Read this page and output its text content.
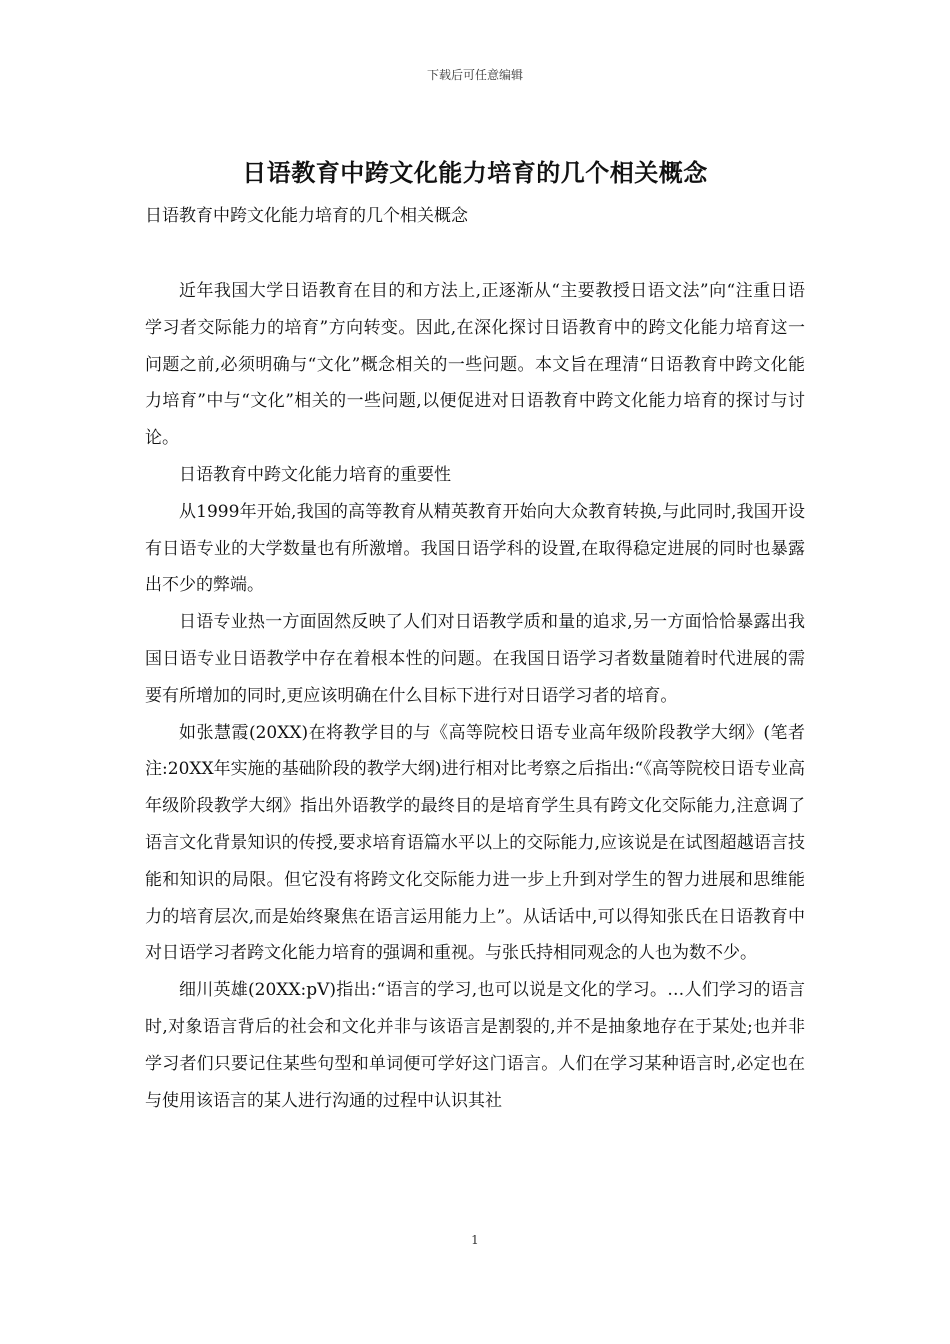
下载后可任意编辑
日语教育中跨文化能力培育的几个相关概念
日语教育中跨文化能力培育的几个相关概念

近年我国大学日语教育在目的和方法上,正逐渐从“主要教授日语文法”向“注重日语学习者交际能力的培育”方向转变。因此,在深化探讨日语教育中的跨文化能力培育这一问题之前,必须明确与“文化”概念相关的一些问题。本文旨在理清“日语教育中跨文化能力培育”中与“文化”相关的一些问题,以便促进对日语教育中跨文化能力培育的探讨与讨论。

日语教育中跨文化能力培育的重要性

从1999年开始,我国的高等教育从精英教育开始向大众教育转换,与此同时,我国开设有日语专业的大学数量也有所激增。我国日语学科的设置,在取得稳定进展的同时也暴露出不少的弊端。

日语专业热一方面固然反映了人们对日语教学质和量的追求,另一方面恰恰暴露出我国日语专业日语教学中存在着根本性的问题。在我国日语学习者数量随着时代进展的需要有所增加的同时,更应该明确在什么目标下进行对日语学习者的培育。

如张慧霞(20XX)在将教学目的与《高等院校日语专业高年级阶段教学大纲》(笔者注:20XX年实施的基础阶段的教学大纲)进行相对比考察之后指出:“《高等院校日语专业高年级阶段教学大纲》指出外语教学的最终目的是培育学生具有跨文化交际能力,注意调了语言文化背景知识的传授,要求培育语篇水平以上的交际能力,应该说是在试图超越语言技能和知识的局限。但它没有将跨文化交际能力进一步上升到对学生的智力进展和思维能力的培育层次,而是始终聚焦在语言运用能力上”。从话话中,可以得知张氏在日语教育中对日语学习者跨文化能力培育的强调和重视。与张氏持相同观念的人也为数不少。

细川英雄(20XX:pV)指出:“语言的学习,也可以说是文化的学习。…人们学习的语言时,对象语言背后的社会和文化并非与该语言是割裂的,并不是抽象地存在于某处;也并非学习者们只要记住某些句型和单词便可学好这门语言。人们在学习某种语言时,必定也在与使用该语言的某人进行沟通的过程中认识其社

1
